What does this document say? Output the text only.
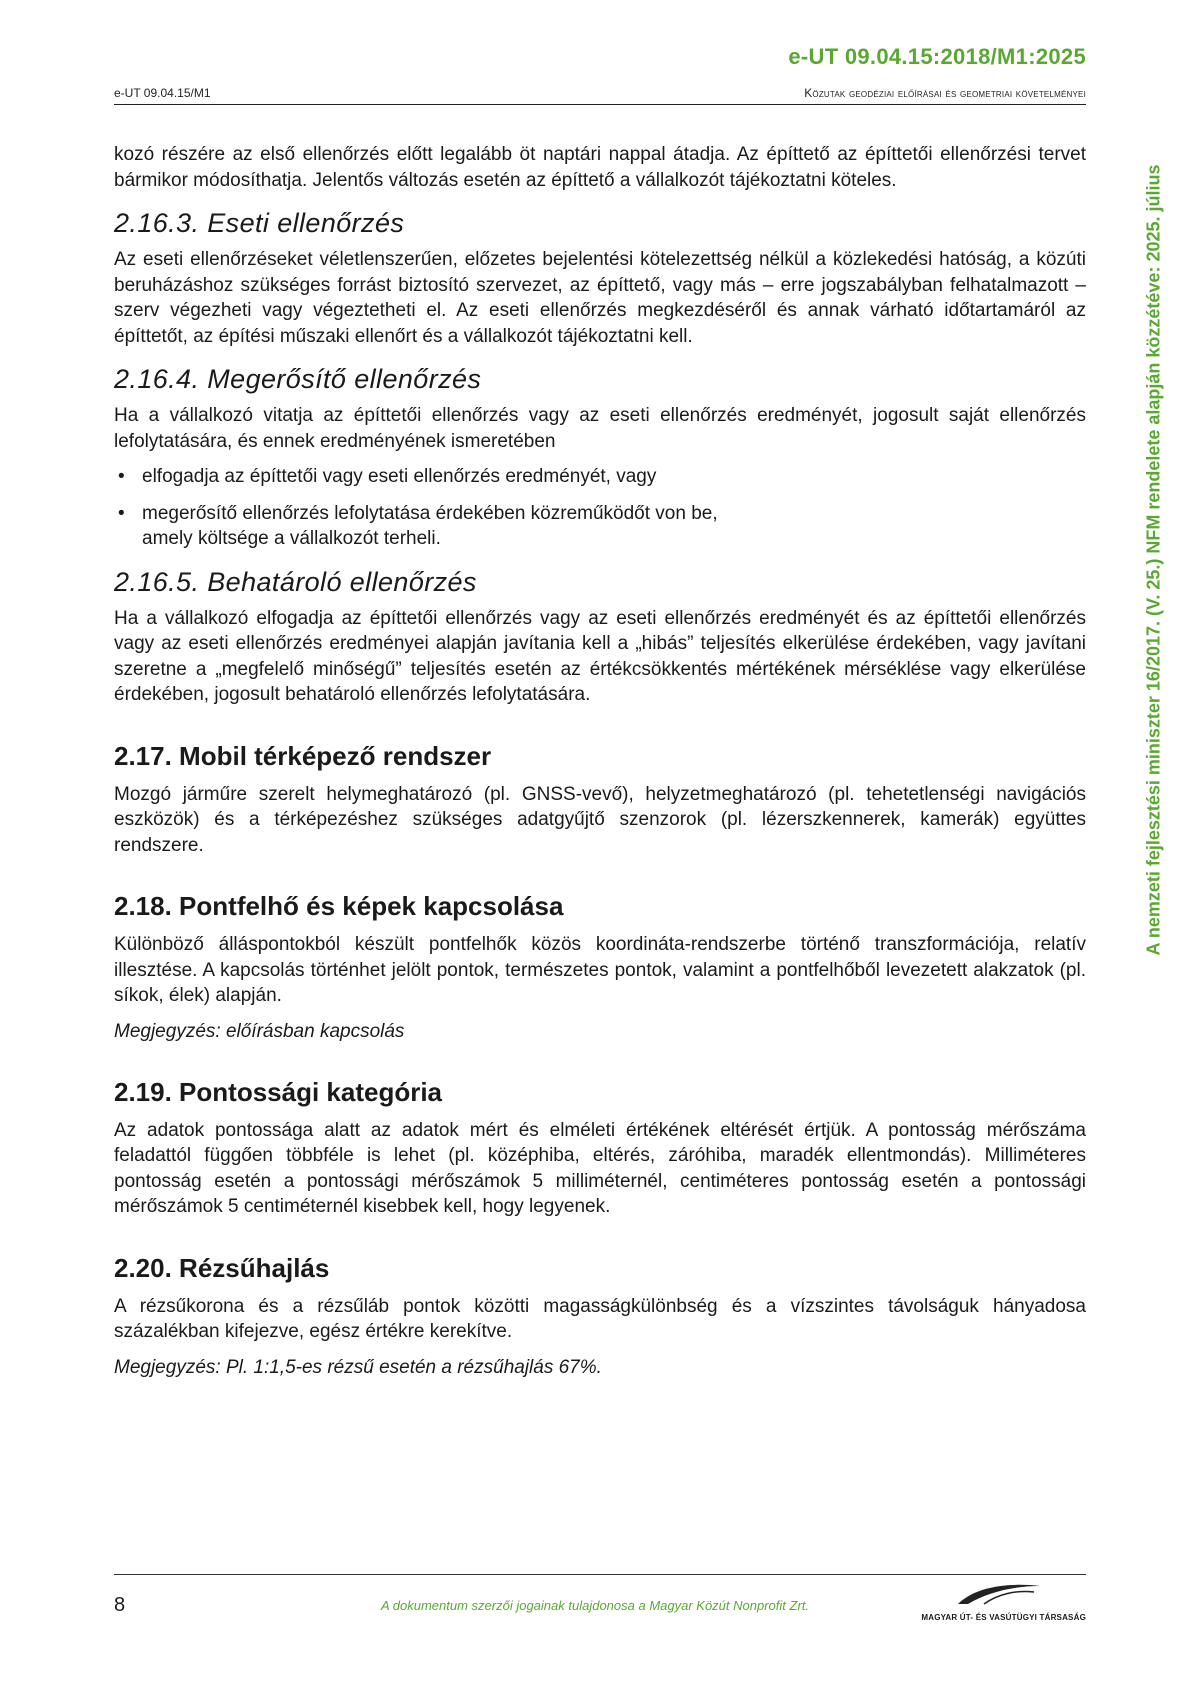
e-UT 09.04.15:2018/M1:2025
e-UT 09.04.15/M1	Közutak geodéziai előírásai és geometriai követelményei
A nemzeti fejlesztési miniszter 16/2017. (V. 25.) NFM rendelete alapján közzétéve: 2025. július

kozó részére az első ellenőrzés előtt legalább öt naptári nappal átadja. Az építtető az építtetői ellenőrzési tervet bármikor módosíthatja. Jelentős változás esetén az építtető a vállalkozót tájékoztatni köteles.

2.16.3. Eseti ellenőrzés

Az eseti ellenőrzéseket véletlenszerűen, előzetes bejelentési kötelezettség nélkül a közlekedési hatóság, a közúti beruházáshoz szükséges forrást biztosító szervezet, az építtető, vagy más – erre jogszabályban felhatalmazott – szerv végezheti vagy végeztetheti el. Az eseti ellenőrzés megkezdéséről és annak várható időtartamáról az építtetőt, az építési műszaki ellenőrt és a vállalkozót tájékoztatni kell.

2.16.4. Megerősítő ellenőrzés

Ha a vállalkozó vitatja az építtetői ellenőrzés vagy az eseti ellenőrzés eredményét, jogosult saját ellenőrzés lefolytatására, és ennek eredményének ismeretében

• elfogadja az építtetői vagy eseti ellenőrzés eredményét, vagy
• megerősítő ellenőrzés lefolytatása érdekében közreműködőt von be,
amely költsége a vállalkozót terheli.
2.16.5. Behatároló ellenőrzés

Ha a vállalkozó elfogadja az építtetői ellenőrzés vagy az eseti ellenőrzés eredményét és az építtetői ellenőrzés vagy az eseti ellenőrzés eredményei alapján javítania kell a „hibás” teljesítés elkerülése érdekében, vagy javítani szeretne a „megfelelő minőségű” teljesítés esetén az értékcsökkentés mértékének mérséklése vagy elkerülése érdekében, jogosult behatároló ellenőrzés lefolytatására.

2.17. Mobil térképező rendszer

Mozgó járműre szerelt helymeghatározó (pl. GNSS-vevő), helyzetmeghatározó (pl. tehetetlenségi navigációs eszközök) és a térképezéshez szükséges adatgyűjtő szenzorok (pl. lézerszkennerek, kamerák) együttes rendszere.

2.18. Pontfelhő és képek kapcsolása

Különböző álláspontokból készült pontfelhők közös koordináta-rendszerbe történő transzformációja, relatív illesztése. A kapcsolás történhet jelölt pontok, természetes pontok, valamint a pontfelhőből levezetett alakzatok (pl. síkok, élek) alapján.

Megjegyzés: előírásban kapcsolás

2.19. Pontossági kategória

Az adatok pontossága alatt az adatok mért és elméleti értékének eltérését értjük. A pontosság mérőszáma feladattól függően többféle is lehet (pl. középhiba, eltérés, záróhiba, maradék ellentmondás). Milliméteres pontosság esetén a pontossági mérőszámok 5 milliméternél, centiméteres pontosság esetén a pontossági mérőszámok 5 centiméternél kisebbek kell, hogy legyenek.

2.20. Rézsűhajlás

A rézsűkorona és a rézsűláb pontok közötti magasságkülönbség és a vízszintes távolságuk hányadosa százalékban kifejezve, egész értékre kerekítve.

Megjegyzés: Pl. 1:1,5-es rézsű esetén a rézsűhajlás 67%.

8	A dokumentum szerzői jogainak tulajdonosa a Magyar Közút Nonprofit Zrt.
MAGYAR ÚT- ÉS VASÚTÜGYI TÁRSASÁG
